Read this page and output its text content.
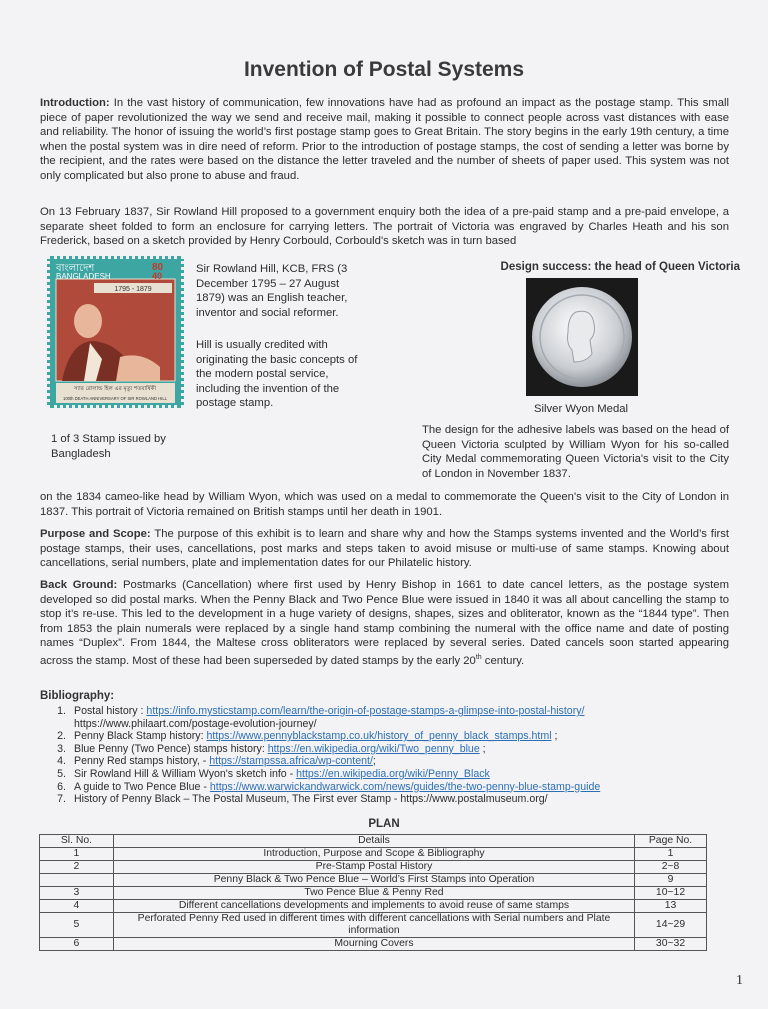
Invention of Postal Systems

Introduction: In the vast history of communication, few innovations have had as profound an impact as the postage stamp. This small piece of paper revolutionized the way we send and receive mail, making it possible to connect people across vast distances with ease and reliability. The honor of issuing the world’s first postage stamp goes to Great Britain. The story begins in the early 19th century, a time when the postal system was in dire need of reform. Prior to the introduction of postage stamps, the cost of sending a letter was borne by the recipient, and the rates were based on the distance the letter traveled and the number of sheets of paper used. This system was not only complicated but also prone to abuse and fraud.

On 13 February 1837, Sir Rowland Hill proposed to a government enquiry both the idea of a pre-paid stamp and a pre-paid envelope, a separate sheet folded to form an enclosure for carrying letters. The portrait of Victoria was engraved by Charles Heath and his son Frederick, based on a sketch provided by Henry Corbould, Corbould's sketch was in turn based

1795 - 1879
বাংলাদেশ
BANGLADESH
80
40
স্যার রোলান্ড হিল এর মৃত্যু শতবার্ষিকী
100th DEATH ANNIVERSARY OF SIR ROWLAND HILL
1 of 3 Stamp issued by Bangladesh

Sir Rowland Hill, KCB, FRS (3 December 1795 – 27 August 1879) was an English teacher, inventor and social reformer.

Hill is usually credited with originating the basic concepts of the modern postal service, including the invention of the postage stamp.

Design success: the head of Queen Victoria
Silver Wyon Medal

The design for the adhesive labels was based on the head of Queen Victoria sculpted by William Wyon for his so-called City Medal commemorating Queen Victoria's visit to the City of London in November 1837.

on the 1834 cameo-like head by William Wyon, which was used on a medal to commemorate the Queen's visit to the City of London in 1837. This portrait of Victoria remained on British stamps until her death in 1901.

Purpose and Scope: The purpose of this exhibit is to learn and share why and how the Stamps systems invented and the World’s first postage stamps, their uses, cancellations, post marks and steps taken to avoid misuse or multi-use of same stamps. Knowing about cancellations, serial numbers, plate and implementation dates for our Philatelic history.

Back Ground: Postmarks (Cancellation) where first used by Henry Bishop in 1661 to date cancel letters, as the postage system developed so did postal marks. When the Penny Black and Two Pence Blue were issued in 1840 it was all about cancelling the stamp to stop it’s re-use. This led to the development in a huge variety of designs, shapes, sizes and obliterator, known as the “1844 type”. Then from 1853 the plain numerals were replaced by a single hand stamp combining the numeral with the office name and date of posting names “Duplex”. From 1844, the Maltese cross obliterators were replaced by several series. Dated cancels soon started appearing across the stamp. Most of these had been superseded by dated stamps by the early 20th century.

Bibliography:
1. Postal history : https://info.mysticstamp.com/learn/the-origin-of-postage-stamps-a-glimpse-into-postal-history/
https://www.philaart.com/postage-evolution-journey/
2. Penny Black Stamp history: https://www.pennyblackstamp.co.uk/history_of_penny_black_stamps.html ;
3. Blue Penny (Two Pence) stamps history: https://en.wikipedia.org/wiki/Two_penny_blue ;
4. Penny Red stamps history, - https://stampssa.africa/wp-content/;
5. Sir Rowland Hill & William Wyon's sketch info - https://en.wikipedia.org/wiki/Penny_Black
6. A guide to Two Pence Blue - https://www.warwickandwarwick.com/news/guides/the-two-penny-blue-stamp-guide
7. History of Penny Black – The Postal Museum, The First ever Stamp - https://www.postalmuseum.org/
PLAN
Sl. No.	Details	Page No.
1	Introduction, Purpose and Scope & Bibliography	1
2	Pre-Stamp Postal History	2~8
	Penny Black & Two Pence Blue – World’s First Stamps into Operation	9
3	Two Pence Blue & Penny Red	10~12
4	Different cancellations developments and implements to avoid reuse of same stamps	13
5	Perforated Penny Red used in different times with different cancellations with Serial numbers and Plate information	14~29
6	Mourning Covers	30~32
1
